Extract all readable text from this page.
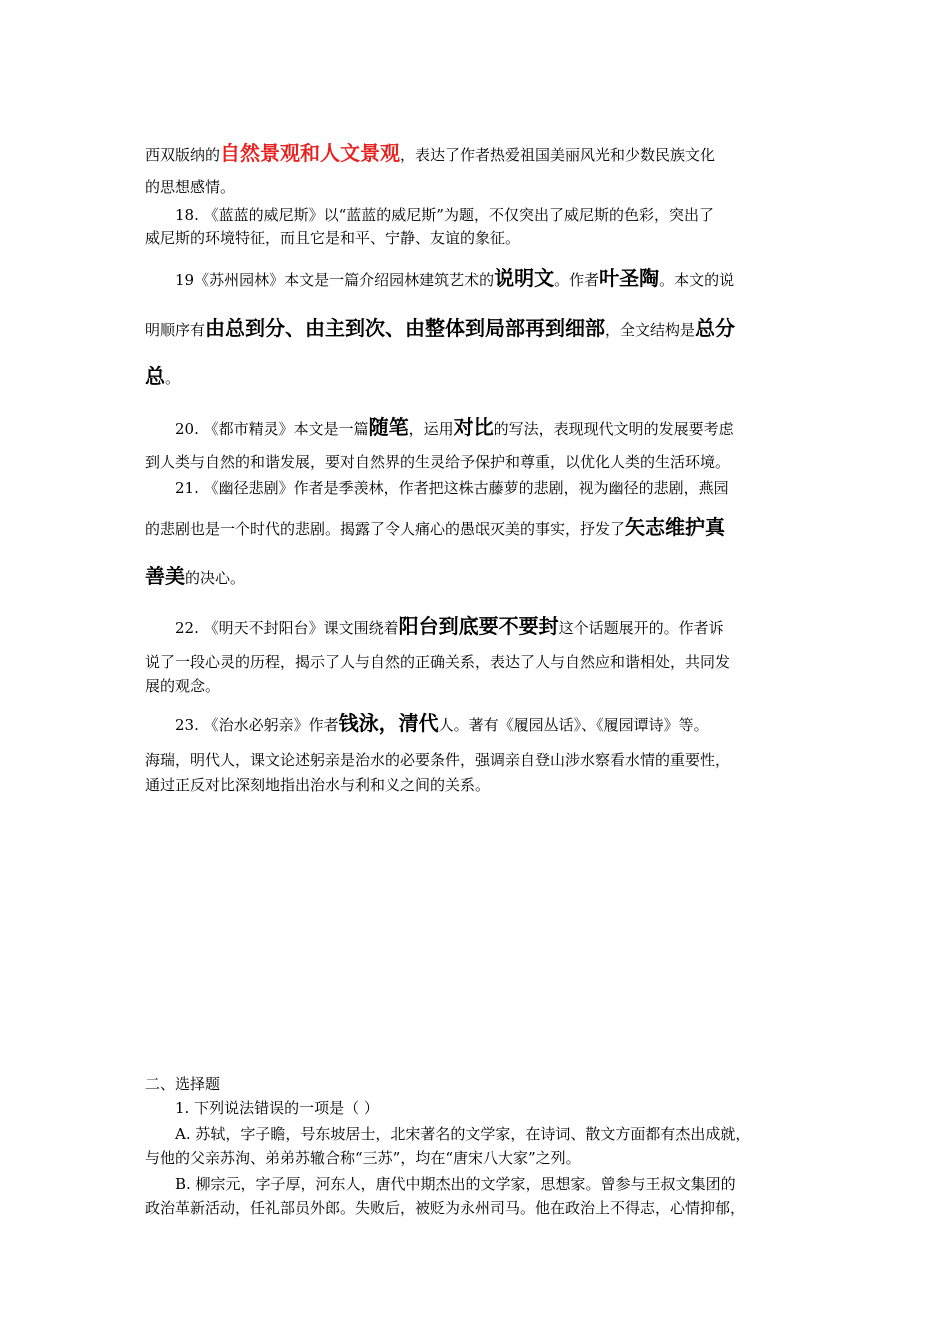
西双版纳的自然景观和人文景观，表达了作者热爱祖国美丽风光和少数民族文化
的思想感情。
18. 《蓝蓝的威尼斯》以“蓝蓝的威尼斯”为题，不仅突出了威尼斯的色彩，突出了
威尼斯的环境特征，而且它是和平、宁静、友谊的象征。
19《苏州园林》本文是一篇介绍园林建筑艺术的说明文。作者叶圣陶。本文的说
明顺序有由总到分、由主到次、由整体到局部再到细部，全文结构是总分
总。
20. 《都市精灵》本文是一篇随笔，运用对比的写法，表现现代文明的发展要考虑
到人类与自然的和谐发展，要对自然界的生灵给予保护和尊重，以优化人类的生活环境。
21. 《幽径悲剧》作者是季羡林，作者把这株古藤萝的悲剧，视为幽径的悲剧，燕园
的悲剧也是一个时代的悲剧。揭露了令人痛心的愚氓灭美的事实，抒发了矢志维护真
善美的决心。
22. 《明天不封阳台》课文围绕着阳台到底要不要封这个话题展开的。作者诉
说了一段心灵的历程，揭示了人与自然的正确关系，表达了人与自然应和谐相处，共同发
展的观念。
23. 《治水必躬亲》作者钱泳，清代人。著有《履园丛话》、《履园谭诗》等。
海瑞，明代人，课文论述躬亲是治水的必要条件，强调亲自登山涉水察看水情的重要性，
通过正反对比深刻地指出治水与利和义之间的关系。
二、选择题
1. 下列说法错误的一项是（ ）
A. 苏轼，字子瞻，号东坡居士，北宋著名的文学家，在诗词、散文方面都有杰出成就，
与他的父亲苏洵、弟弟苏辙合称“三苏”，均在“唐宋八大家”之列。
B. 柳宗元，字子厚，河东人，唐代中期杰出的文学家，思想家。曾参与王叔文集团的
政治革新活动，任礼部员外郎。失败后，被贬为永州司马。他在政治上不得志，心情抑郁，
